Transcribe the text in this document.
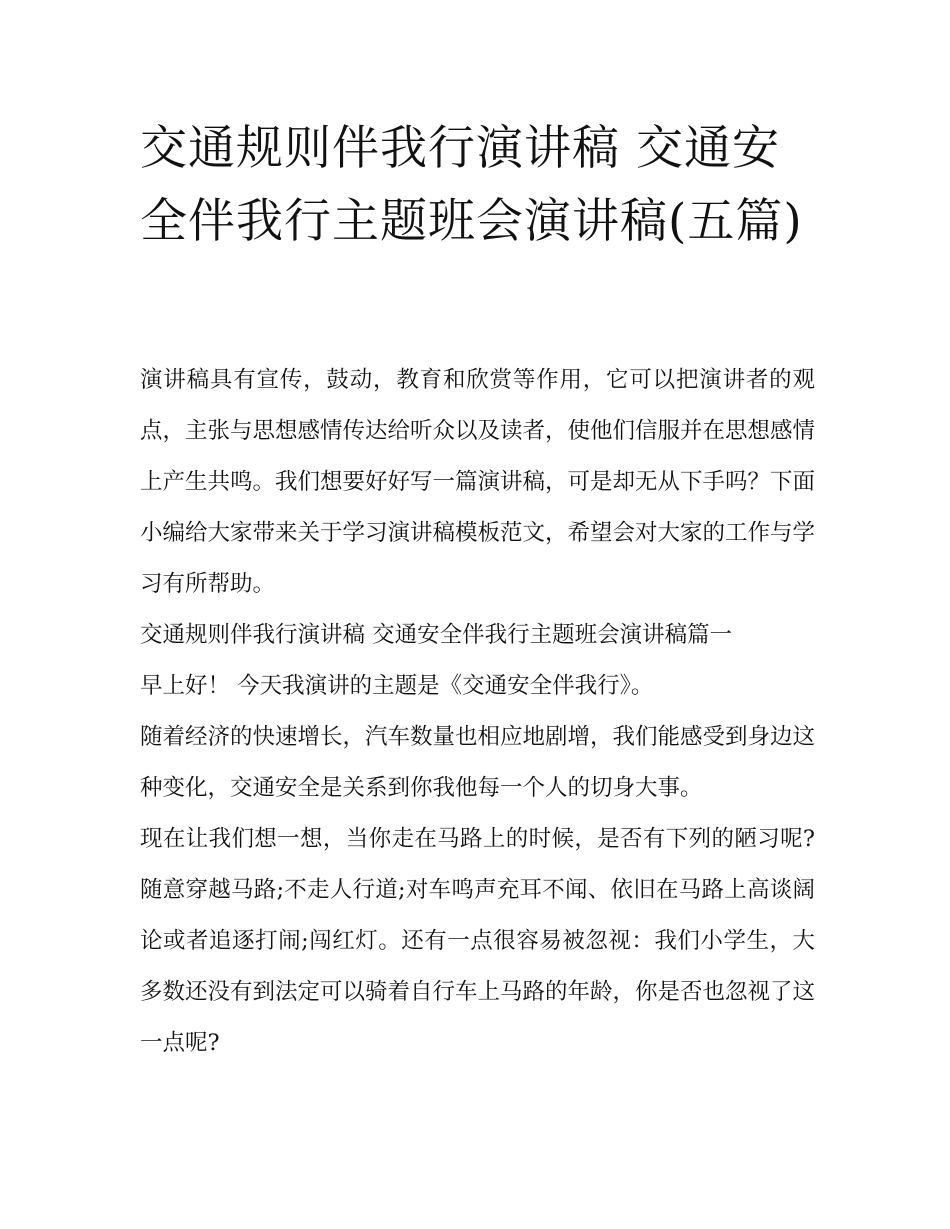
交通规则伴我行演讲稿 交通安全伴我行主题班会演讲稿(五篇)

演讲稿具有宣传，鼓动，教育和欣赏等作用，它可以把演讲者的观点，主张与思想感情传达给听众以及读者，使他们信服并在思想感情上产生共鸣。我们想要好好写一篇演讲稿，可是却无从下手吗？下面小编给大家带来关于学习演讲稿模板范文，希望会对大家的工作与学习有所帮助。

交通规则伴我行演讲稿 交通安全伴我行主题班会演讲稿篇一

早上好！ 今天我演讲的主题是《交通安全伴我行》。

随着经济的快速增长，汽车数量也相应地剧增，我们能感受到身边这种变化，交通安全是关系到你我他每一个人的切身大事。

现在让我们想一想，当你走在马路上的时候，是否有下列的陋习呢?随意穿越马路;不走人行道;对车鸣声充耳不闻、依旧在马路上高谈阔论或者追逐打闹;闯红灯。还有一点很容易被忽视：我们小学生，大多数还没有到法定可以骑着自行车上马路的年龄，你是否也忽视了这一点呢?
